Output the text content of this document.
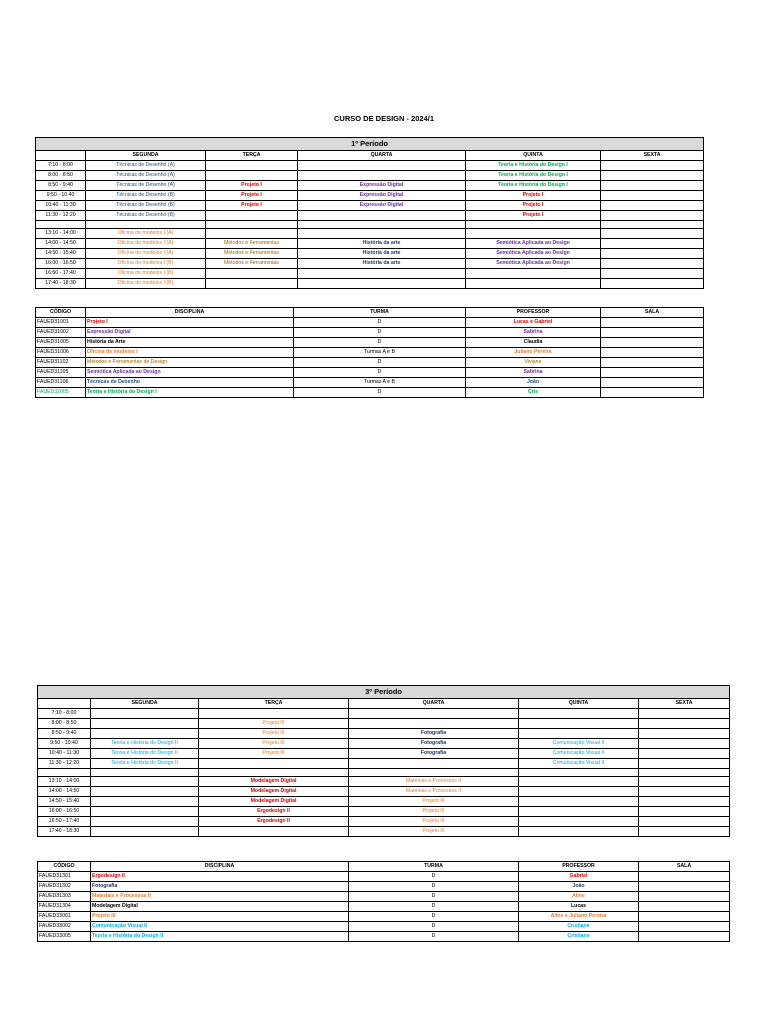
CURSO DE DESIGN - 2024/1
1º Período					
	SEGUNDA	TERÇA	QUARTA	QUINTA	SEXTA
7:10 - 8:00	Técnicas de Desenho (A)			Teoria e História do Design I	
8:00 - 8:50	Técnicas de Desenho (A)			Teoria e História do Design I	
8:50 - 9:40	Técnicas de Desenho (A)	Projeto I	Expressão Digital	Teoria e História do Design I	
9:50 - 10:40	Técnicas de Desenho (B)	Projeto I	Expressão Digital	Projeto I	
10:40 - 11:30	Técnicas de Desenho (B)	Projeto I	Expressão Digital	Projeto I	
11:30 - 12:20	Técnicas de Desenho (B)			Projeto I	

13:10 - 14:00	Oficina de modelos I (A)				
14:00 - 14:50	Oficina de modelos I (A)	Métodos e Ferramentas	História da arte	Semiótica Aplicada ao Design	
14:50 - 15:40	Oficina de modelos I (A)	Métodos e Ferramentas	História da arte	Semiótica Aplicada ao Design	
16:00 - 16:50	Oficina de modelos I (B)	Métodos e Ferramentas	História da arte	Semiótica Aplicada ao Design	
16:50 - 17:40	Oficina de modelos I (B)				
17:40 - 18:30	Oficina de modelos I (B)				
CÓDIGO	DISCIPLINA	TURMA	PROFESSOR	SALA
FAUED31001	Projeto I	D	Lucas e Gabriel	
FAUED31002	Expressão Digital	D	Sabrina	
FAUED31005	História da Arte	D	Claudia	
FAUED31006	Oficina de modelos I	Turmas A e B	Juliano Pereira	
FAUED31102	Métodos e Ferramentas de Design	D	Viviane	
FAUED31105	Semiótica Aplicada ao Design	D	Sabrina	
FAUED31106	Técnicas de Desenho	Turmas A e B	João	
FAUED32005	Teoria e História do Design I	D	Cris	
3º Período					
	SEGUNDA	TERÇA	QUARTA	QUINTA	SEXTA
7:10 - 8:00					
8:00 - 8:50		Projeto III			
8:50 - 9:40		Projeto III	Fotografia		
9:50 - 10:40	Teoria e História do Design II	Projeto III	Fotografia	Comunicação Visual II	
10:40 - 11:30	Teoria e História do Design II	Projeto III	Fotografia	Comunicação Visual II	
11:30 - 12:20	Teoria e História do Design II			Comunicação Visual II	

13:10 - 14:00		Modelagem Digital	Materiais e Processos II		
14:00 - 14:50		Modelagem Digital	Materiais e Processos II		
14:50 - 15:40		Modelagem Digital	Projeto III		
16:00 - 16:50		Ergodesign II	Projeto III		
16:50 - 17:40		Ergodesign II	Projeto III		
17:40 - 18:30			Projeto III		
CÓDIGO	DISCIPLINA	TURMA	PROFESSOR	SALA
FAUED31301	Ergodesign II	D	Gabriel	
FAUED31302	Fotografia	D	João	
FAUED31303	Materiais e Processos II	D	Aline	
FAUED31304	Modelagem Digital	D	Lucas	
FAUED33001	Projeto III	D	Aline e Juliano Pereira	
FAUED33002	Comunicação Visual II	D	Cristiane	
FAUED33005	Teoria e História do Design II	D	Cristiane	
